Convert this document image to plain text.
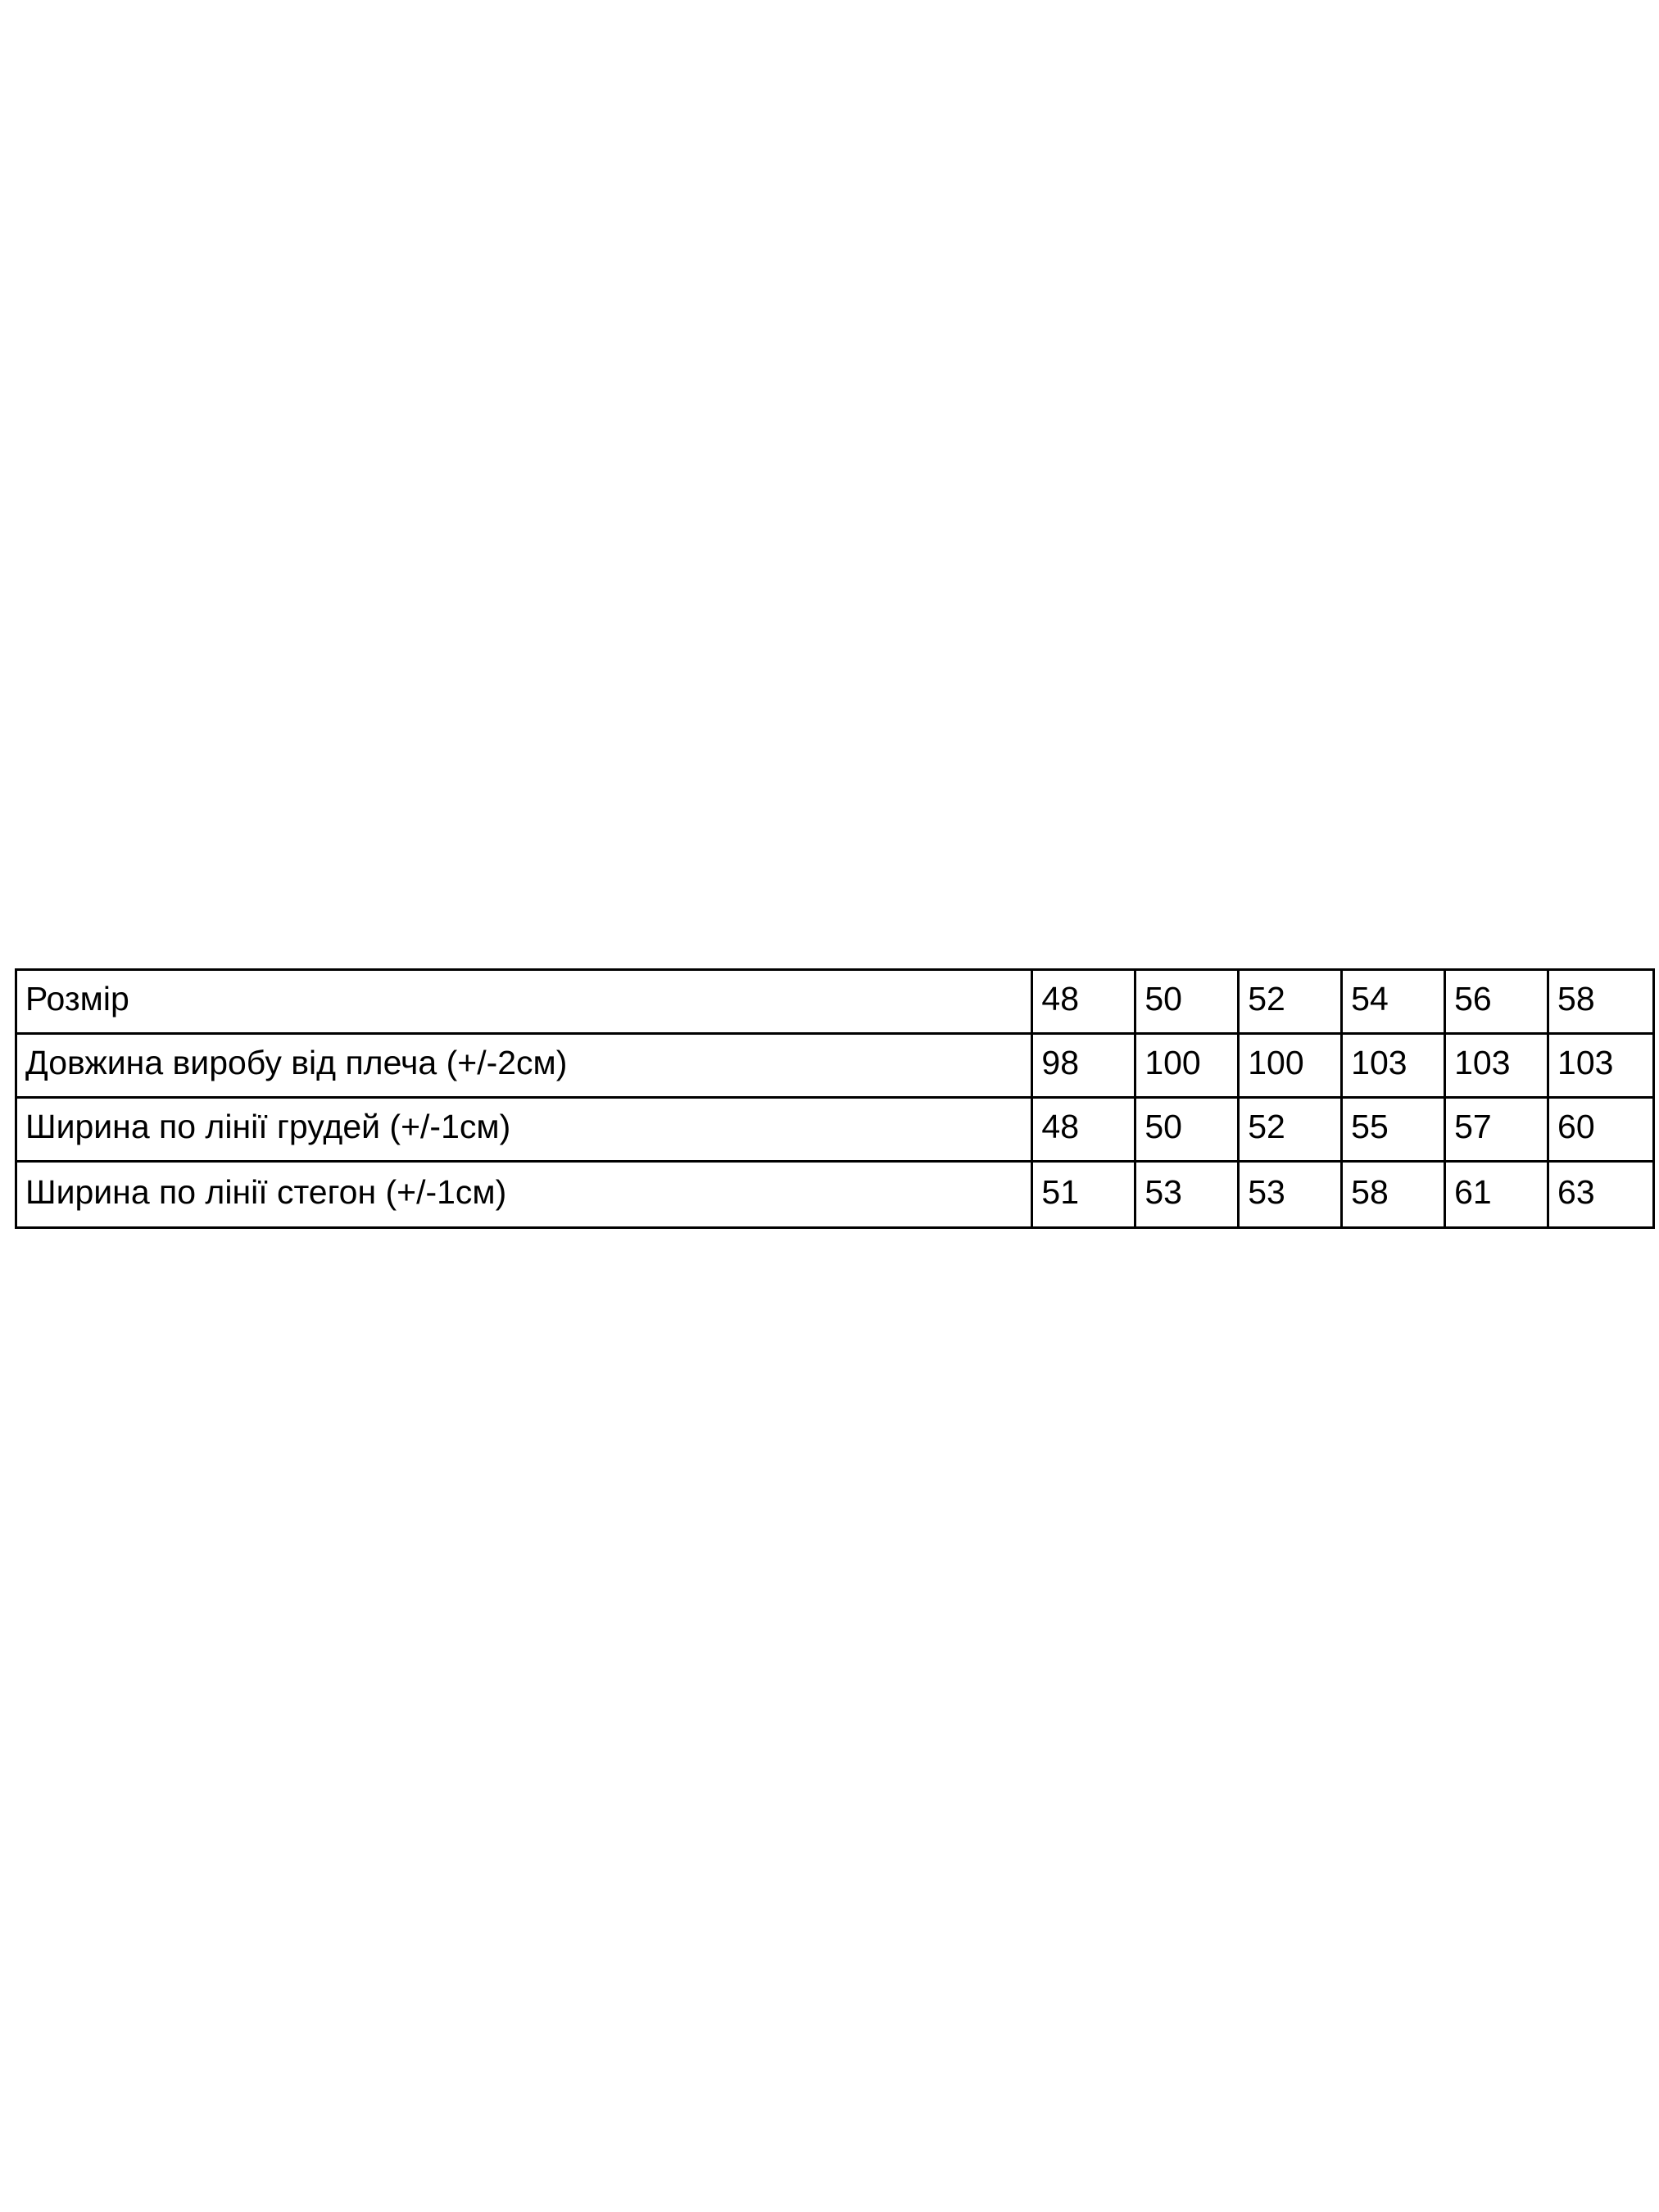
Розмір	48	50	52	54	56	58
Довжина виробу від плеча (+/-2см)	98	100	100	103	103	103
Ширина по лінії грудей (+/-1см)	48	50	52	55	57	60
Ширина по лінії стегон (+/-1см)	51	53	53	58	61	63
